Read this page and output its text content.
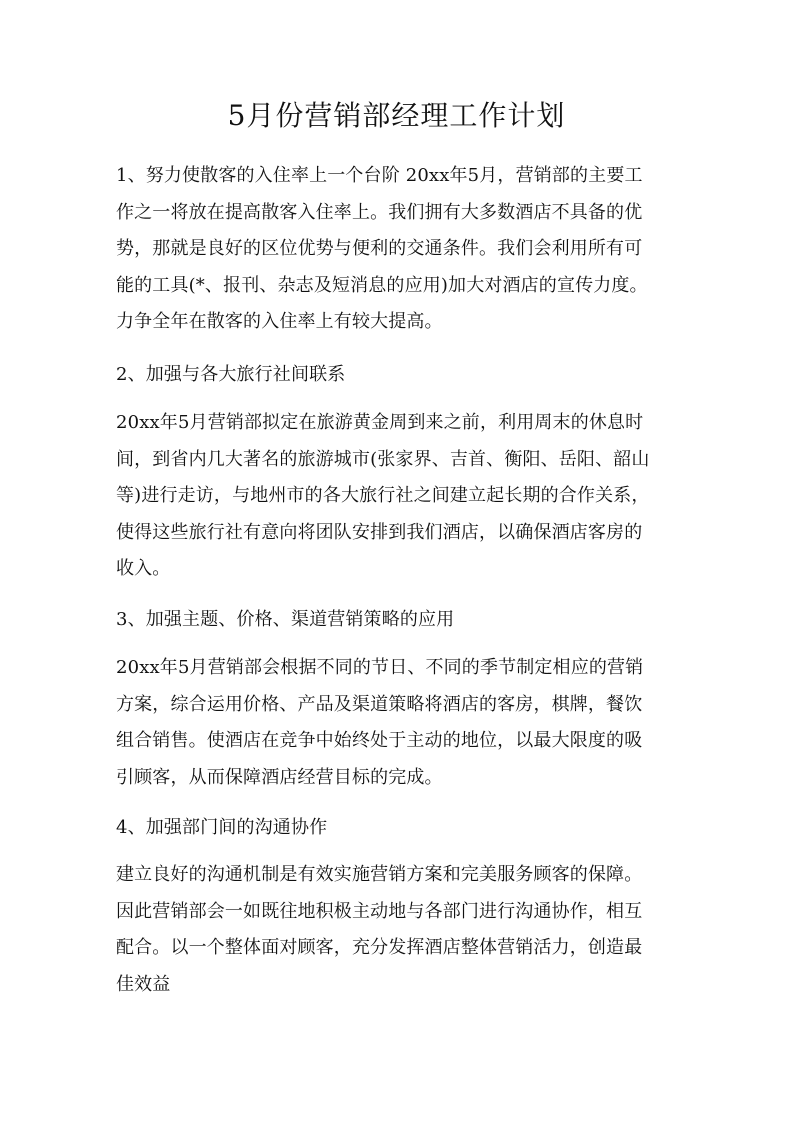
5月份营销部经理工作计划
1、努力使散客的入住率上一个台阶 20xx年5月，营销部的主要工
作之一将放在提高散客入住率上。我们拥有大多数酒店不具备的优
势，那就是良好的区位优势与便利的交通条件。我们会利用所有可
能的工具(*、报刊、杂志及短消息的应用)加大对酒店的宣传力度。
力争全年在散客的入住率上有较大提高。
2、加强与各大旅行社间联系
20xx年5月营销部拟定在旅游黄金周到来之前，利用周末的休息时
间，到省内几大著名的旅游城市(张家界、吉首、衡阳、岳阳、韶山
等)进行走访，与地州市的各大旅行社之间建立起长期的合作关系，
使得这些旅行社有意向将团队安排到我们酒店，以确保酒店客房的
收入。
3、加强主题、价格、渠道营销策略的应用
20xx年5月营销部会根据不同的节日、不同的季节制定相应的营销
方案，综合运用价格、产品及渠道策略将酒店的客房，棋牌，餐饮
组合销售。使酒店在竞争中始终处于主动的地位，以最大限度的吸
引顾客，从而保障酒店经营目标的完成。
4、加强部门间的沟通协作
建立良好的沟通机制是有效实施营销方案和完美服务顾客的保障。
因此营销部会一如既往地积极主动地与各部门进行沟通协作，相互
配合。以一个整体面对顾客，充分发挥酒店整体营销活力，创造最
佳效益
